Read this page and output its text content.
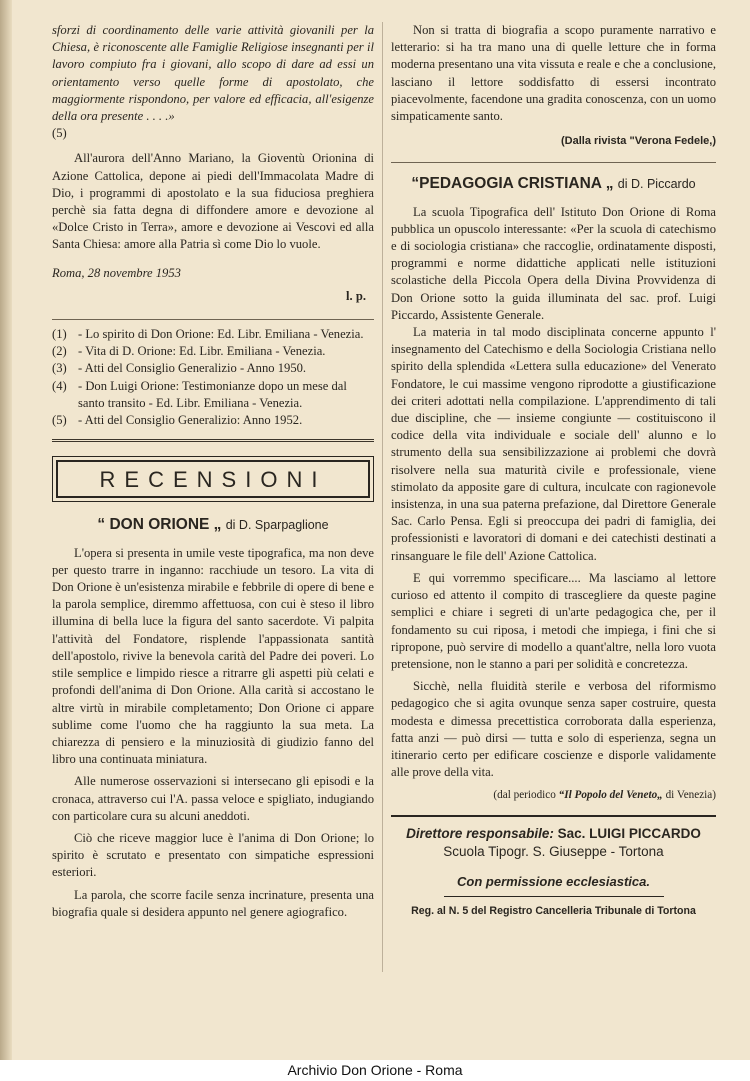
sforzi di coordinamento delle varie attività giovanili per la Chiesa, è riconoscente alle Famiglie Religiose insegnanti per il lavoro compiuto fra i giovani, allo scopo di dare ad essi un orientamento verso quelle forme di apostolato, che maggiormente rispondono, per valore ed efficacia, all'esigenze della ora presente . . . .»

(5)

All'aurora dell'Anno Mariano, la Gioventù Orionina di Azione Cattolica, depone ai piedi dell'Immacolata Madre di Dio, i programmi di apostolato e la sua fiduciosa preghiera perchè sia fatta degna di diffondere amore e devozione al «Dolce Cristo in Terra», amore e devozione ai Vescovi ed alla Santa Chiesa: amore alla Patria sì come Dio lo vuole.

Roma, 28 novembre 1953
l. p.
(1) - Lo spirito di Don Orione: Ed. Libr. Emiliana - Venezia.
(2) - Vita di D. Orione: Ed. Libr. Emiliana - Venezia.
(3) - Atti del Consiglio Generalizio - Anno 1950.
(4) - Don Luigi Orione: Testimonianze dopo un mese dal santo transito - Ed. Libr. Emiliana - Venezia.
(5) - Atti del Consiglio Generalizio: Anno 1952.
RECENSIONI

“ DON ORIONE „ di D. Sparpaglione

L'opera si presenta in umile veste tipografica, ma non deve per questo trarre in inganno: racchiude un tesoro. La vita di Don Orione è un'esistenza mirabile e febbrile di opere di bene e la parola semplice, diremmo affettuosa, con cui è steso il libro illumina di bella luce la figura del santo sacerdote. Vi palpita l'attività del Fondatore, risplende l'appassionata santità dell'apostolo, rivive la benevola carità del Padre dei poveri. Lo stile semplice e limpido riesce a ritrarre gli aspetti più celati e profondi dell'anima di Don Orione. Alla carità si accostano le altre virtù in mirabile completamento; Don Orione ci appare sublime come l'uomo che ha raggiunto la sua meta. La chiarezza di pensiero e la minuziosità di giudizio fanno del libro una continuata miniatura.

Alle numerose osservazioni si intersecano gli episodi e la cronaca, attraverso cui l'A. passa veloce e spigliato, indugiando con particolare cura su alcuni aneddoti.

Ciò che riceve maggior luce è l'anima di Don Orione; lo spirito è scrutato e presentato con simpatiche espressioni esteriori.

La parola, che scorre facile senza incrinature, presenta una biografia quale si desidera appunto nel genere agiografico.

Non si tratta di biografia a scopo puramente narrativo e letterario: si ha tra mano una di quelle letture che in forma moderna presentano una vita vissuta e reale e che a conclusione, lasciano il lettore soddisfatto di essersi incontrato piacevolmente, facendone una gradita conoscenza, con un uomo simpaticamente santo.

(Dalla rivista "Verona Fedele,)

“PEDAGOGIA CRISTIANA „ di D. Piccardo

La scuola Tipografica dell' Istituto Don Orione di Roma pubblica un opuscolo interessante: «Per la scuola di catechismo e di sociologia cristiana» che raccoglie, ordinatamente disposti, programmi e norme didattiche applicati nelle istituzioni scolastiche della Piccola Opera della Divina Provvidenza di Don Orione sotto la guida illuminata del sac. prof. Luigi Piccardo, Assistente Generale.

La materia in tal modo disciplinata concerne appunto l' insegnamento del Catechismo e della Sociologia Cristiana nello spirito della splendida «Lettera sulla educazione» del Venerato Fondatore, le cui massime vengono riprodotte a giustificazione dei criteri adottati nella compilazione. L'apprendimento di tali due discipline, che — insieme congiunte — costituiscono il codice della vita individuale e sociale dell' alunno e lo strumento della sua sensibilizzazione ai problemi che dovrà risolvere nella sua maturità civile e professionale, viene stimolato da apposite gare di cultura, inculcate con ragionevole insistenza, in una sua paterna prefazione, dal Direttore Generale Sac. Carlo Pensa. Egli si preoccupa dei padri di famiglia, dei professionisti e lavoratori di domani e dei catechisti destinati a rinsanguare le file dell' Azione Cattolica.

E qui vorremmo specificare.... Ma lasciamo al lettore curioso ed attento il compito di trascegliere da queste pagine semplici e chiare i segreti di un'arte pedagogica che, per il fondamento su cui riposa, i metodi che impiega, i fini che si ripropone, può servire di modello a quant'altre, nella loro vuota pretensione, non le stanno a pari per solidità e concretezza.

Sicchè, nella fluidità sterile e verbosa del riformismo pedagogico che si agita ovunque senza saper costruire, questa modesta e dimessa precettistica corroborata dalla esperienza, fatta anzi — può dirsi — tutta e solo di esperienza, segna un itinerario certo per edificare coscienze e disporle validamente alle prove della vita.

(dal periodico “Il Popolo del Veneto„ di Venezia)

Direttore responsabile: Sac. LUIGI PICCARDO
Scuola Tipogr. S. Giuseppe - Tortona
Con permissione ecclesiastica.
Reg. al N. 5 del Registro Cancelleria Tribunale di Tortona
Archivio Don Orione - Roma
